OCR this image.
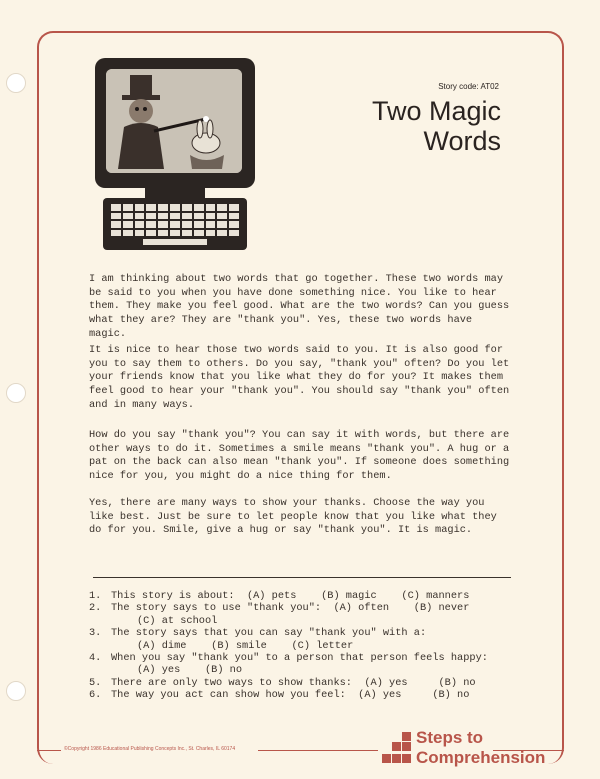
Story code: AT02
Two Magic
Words

I am thinking about two words that go together. These two words may be said to you when you have done something nice. You like to hear them. They make you feel good. What are the two words? Can you guess what they are? They are "thank you". Yes, these two words have magic.

It is nice to hear those two words said to you. It is also good for you to say them to others. Do you say, "thank you" often? Do you let your friends know that you like what they do for you? It makes them feel good to hear your "thank you". You should say "thank you" often and in many ways.

How do you say "thank you"? You can say it with words, but there are other ways to do it. Sometimes a smile means "thank you". A hug or a pat on the back can also mean "thank you". If someone does something nice for you, you might do a nice thing for them.

Yes, there are many ways to show your thanks. Choose the way you like best. Just be sure to let people know that you like what they do for you. Smile, give a hug or say "thank you". It is magic.

1. This story is about:  (A) pets    (B) magic    (C) manners
2. The story says to use "thank you":  (A) often    (B) never
(C) at school
3. The story says that you can say "thank you" with a:
(A) dime    (B) smile    (C) letter
4. When you say "thank you" to a person that person feels happy:
(A) yes    (B) no
5. There are only two ways to show thanks:  (A) yes     (B) no
6. The way you act can show how you feel:  (A) yes     (B) no
©Copyright 1986 Educational Publishing Concepts Inc., St. Charles, IL 60174
Steps to
Comprehension
